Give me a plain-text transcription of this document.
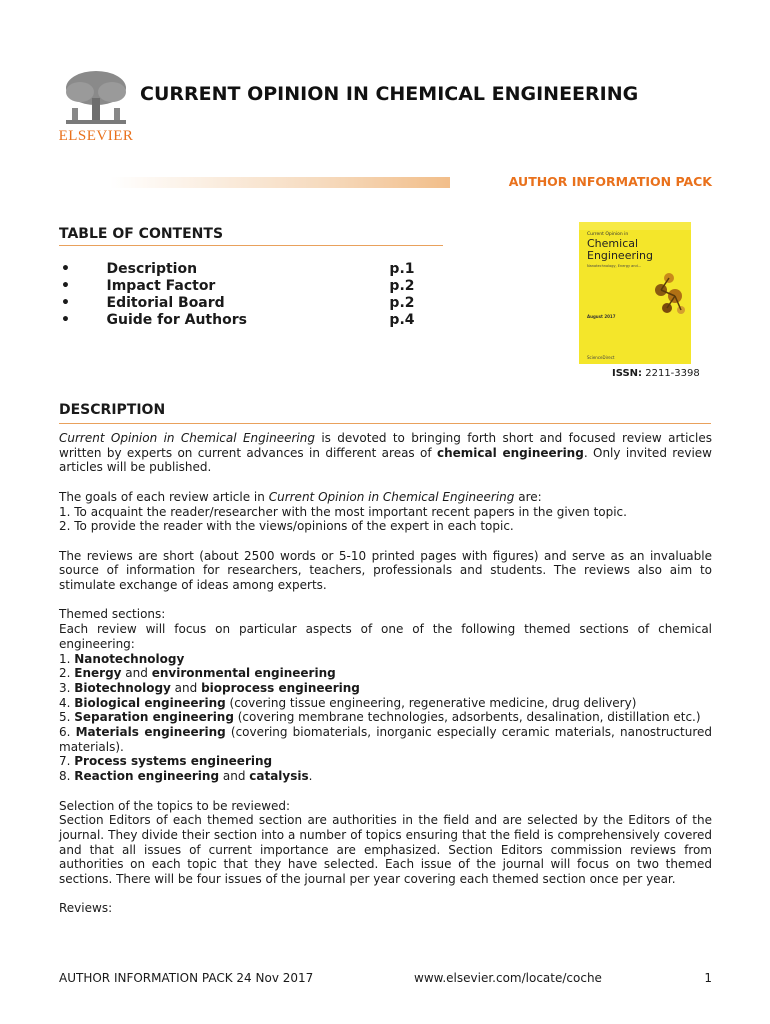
ELSEVIER
CURRENT OPINION IN CHEMICAL ENGINEERING
AUTHOR INFORMATION PACK
TABLE OF CONTENTS
•	Description	p.1
•	Impact Factor	p.2
•	Editorial Board	p.2
•	Guide for Authors	p.4
Current Opinion in
Chemical
Engineering
Nanotechnology, Energy and...
August 2017
ScienceDirect
ISSN: 2211-3398
DESCRIPTION

Current Opinion in Chemical Engineering is devoted to bringing forth short and focused review articles written by experts on current advances in different areas of chemical engineering. Only invited review articles will be published.

The goals of each review article in Current Opinion in Chemical Engineering are:

1. To acquaint the reader/researcher with the most important recent papers in the given topic.

2. To provide the reader with the views/opinions of the expert in each topic.

The reviews are short (about 2500 words or 5-10 printed pages with figures) and serve as an invaluable source of information for researchers, teachers, professionals and students. The reviews also aim to stimulate exchange of ideas among experts.

Themed sections:

Each review will focus on particular aspects of one of the following themed sections of chemical engineering:

1. Nanotechnology

2. Energy and environmental engineering

3. Biotechnology and bioprocess engineering

4. Biological engineering (covering tissue engineering, regenerative medicine, drug delivery)

5. Separation engineering (covering membrane technologies, adsorbents, desalination, distillation etc.)

6. Materials engineering (covering biomaterials, inorganic especially ceramic materials, nanostructured materials).

7. Process systems engineering

8. Reaction engineering and catalysis.

Selection of the topics to be reviewed:

Section Editors of each themed section are authorities in the field and are selected by the Editors of the journal. They divide their section into a number of topics ensuring that the field is comprehensively covered and that all issues of current importance are emphasized. Section Editors commission reviews from authorities on each topic that they have selected. Each issue of the journal will focus on two themed sections. There will be four issues of the journal per year covering each themed section once per year.

Reviews:

AUTHOR INFORMATION PACK 24 Nov 2017	www.elsevier.com/locate/coche	1
